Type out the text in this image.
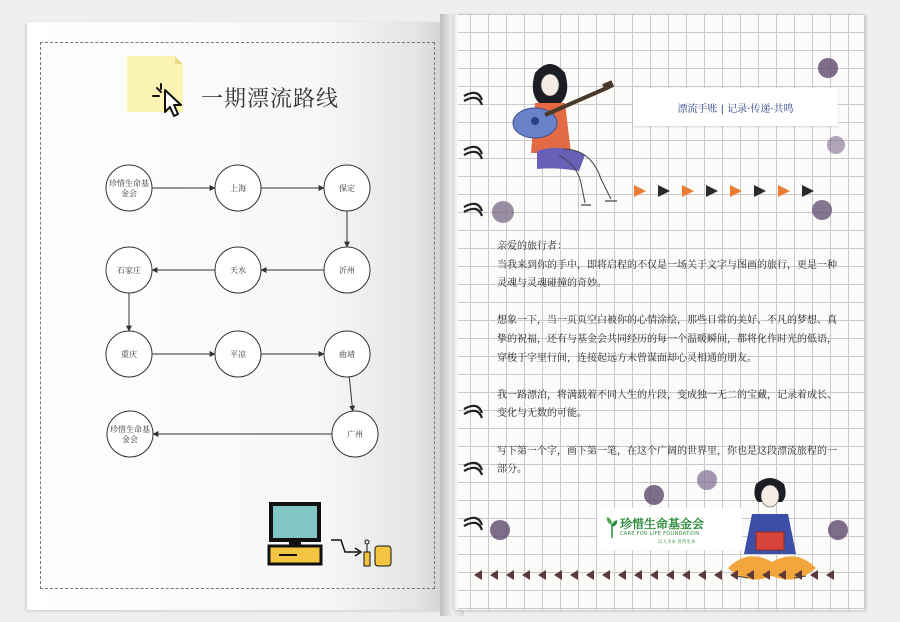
一期漂流路线
珍惜生命基
金会
上海	保定
沂州
天水
石家庄
重庆	平凉	曲靖
广州
珍惜生命基
金会
漂流手账 | 记录·传递·共鸣

亲爱的旅行者：

当我来到你的手中，即将启程的不仅是一场关于文字与图画的旅行，更是一种灵魂与灵魂碰撞的奇妙。

想象一下，当一页页空白被你的心情涂绘，那些日常的美好、不凡的梦想、真挚的祝福，还有与基金会共同经历的每一个温暖瞬间，都将化作时光的低语，穿梭于字里行间，连接起远方未曾谋面却心灵相通的朋友。

我一路漂泊，将满载着不同人生的片段，变成独一无二的宝藏，记录着成长、变化与无数的可能。

写下第一个字，画下第一笔，在这个广阔的世界里，你也是这段漂流旅程的一部分。

珍惜生命基金会
CARE FOR LIFE FOUNDATION
以人为本 善待生命
